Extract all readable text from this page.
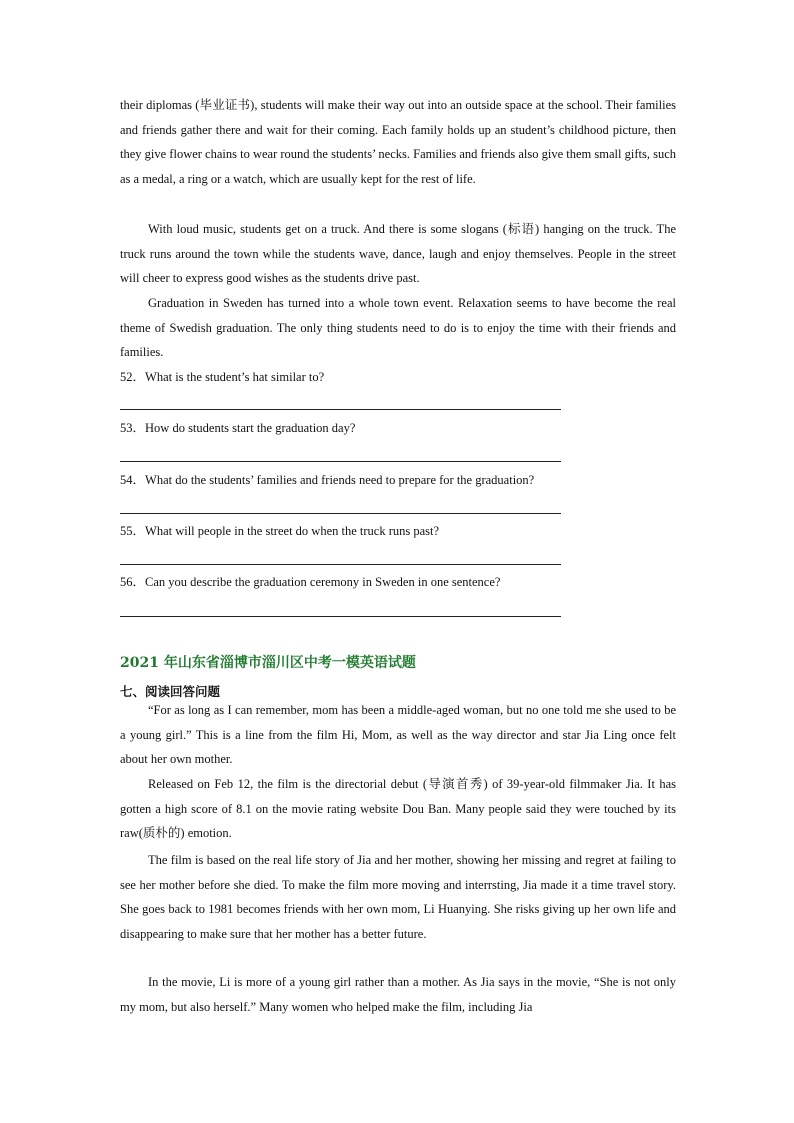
their diplomas (毕业证书), students will make their way out into an outside space at the school. Their families and friends gather there and wait for their coming. Each family holds up an student’s childhood picture, then they give flower chains to wear round the students’ necks. Families and friends also give them small gifts, such as a medal, a ring or a watch, which are usually kept for the rest of life.

With loud music, students get on a truck. And there is some slogans (标语) hanging on the truck. The truck runs around the town while the students wave, dance, laugh and enjoy themselves. People in the street will cheer to express good wishes as the students drive past.

Graduation in Sweden has turned into a whole town event. Relaxation seems to have become the real theme of Swedish graduation. The only thing students need to do is to enjoy the time with their friends and families.

52．What is the student’s hat similar to?
53．How do students start the graduation day?
54．What do the students’ families and friends need to prepare for the graduation?
55．What will people in the street do when the truck runs past?
56．Can you describe the graduation ceremony in Sweden in one sentence?
2021 年山东省淄博市淄川区中考一模英语试题
七、阅读回答问题

“For as long as I can remember, mom has been a middle-aged woman, but no one told me she used to be a young girl.” This is a line from the film Hi, Mom, as well as the way director and star Jia Ling once felt about her own mother.

Released on Feb 12, the film is the directorial debut (导演首秀) of 39-year-old filmmaker Jia. It has gotten a high score of 8.1 on the movie rating website Dou Ban. Many people said they were touched by its raw(质朴的) emotion.

The film is based on the real life story of Jia and her mother, showing her missing and regret at failing to see her mother before she died. To make the film more moving and interrsting, Jia made it a time travel story. She goes back to 1981 becomes friends with her own mom, Li Huanying. She risks giving up her own life and disappearing to make sure that her mother has a better future.

In the movie, Li is more of a young girl rather than a mother. As Jia says in the movie, “She is not only my mom, but also herself.” Many women who helped make the film, including Jia
